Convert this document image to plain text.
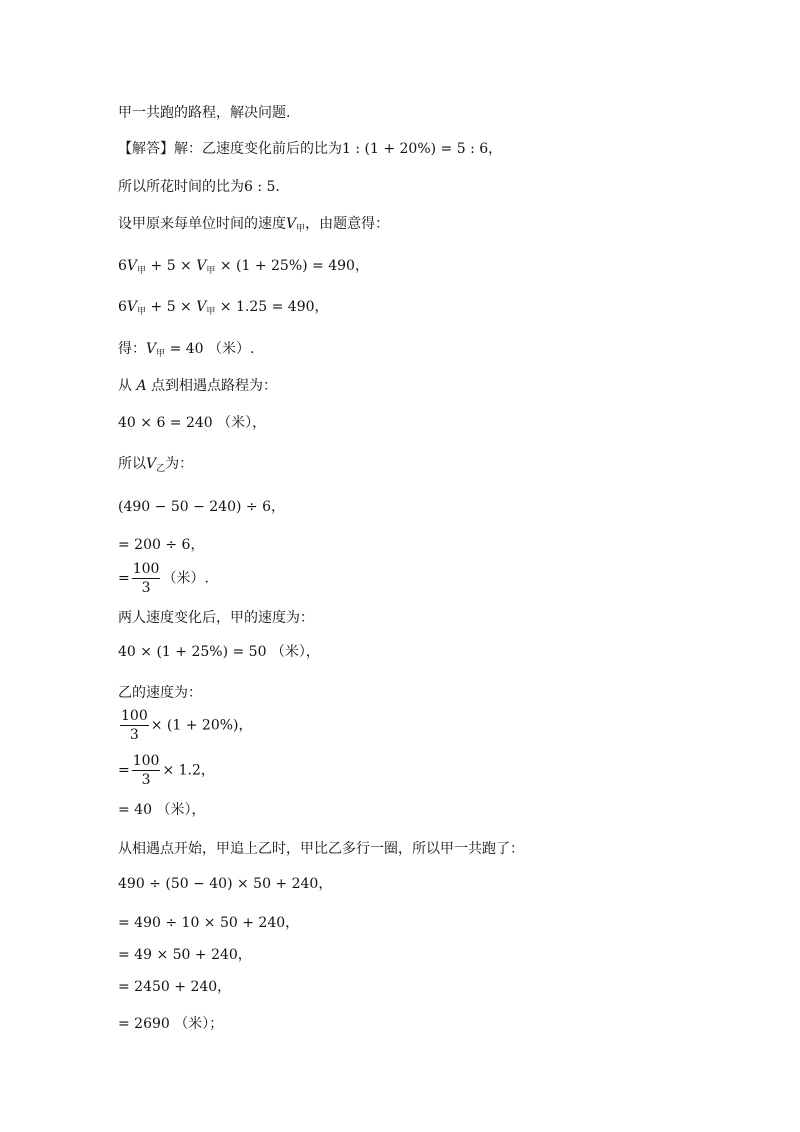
甲一共跑的路程，解决问题.
【解答】解：乙速度变化前后的比为1 : (1 + 20%) = 5 : 6，
所以所花时间的比为6 : 5.
设甲原来每单位时间的速度$V_甲$，由题意得：
$6V_甲 + 5 \times V_甲 \times (1 + 25\%) = 490$，
$6V_甲 + 5 \times V_甲 \times 1.25 = 490$，
得：$V_甲 = 40$ （米）.
从 A 点到相遇点路程为：
40 × 6 = 240 （米），
所以$V_乙$为：
(490 − 50 − 240) ÷ 6，
= 200 ÷ 6，
= $\frac{100}{3}$ （米）.
两人速度变化后，甲的速度为：
40 × (1 + 25%) = 50 （米），
乙的速度为：
$\frac{100}{3} \times (1 + 20\%)$，
= $\frac{100}{3} \times 1.2$，
= 40 （米），
从相遇点开始，甲追上乙时，甲比乙多行一圈，所以甲一共跑了：
490 ÷ (50 − 40) × 50 + 240，
= 490 ÷ 10 × 50 + 240，
= 49 × 50 + 240，
= 2450 + 240，
= 2690 （米）；
